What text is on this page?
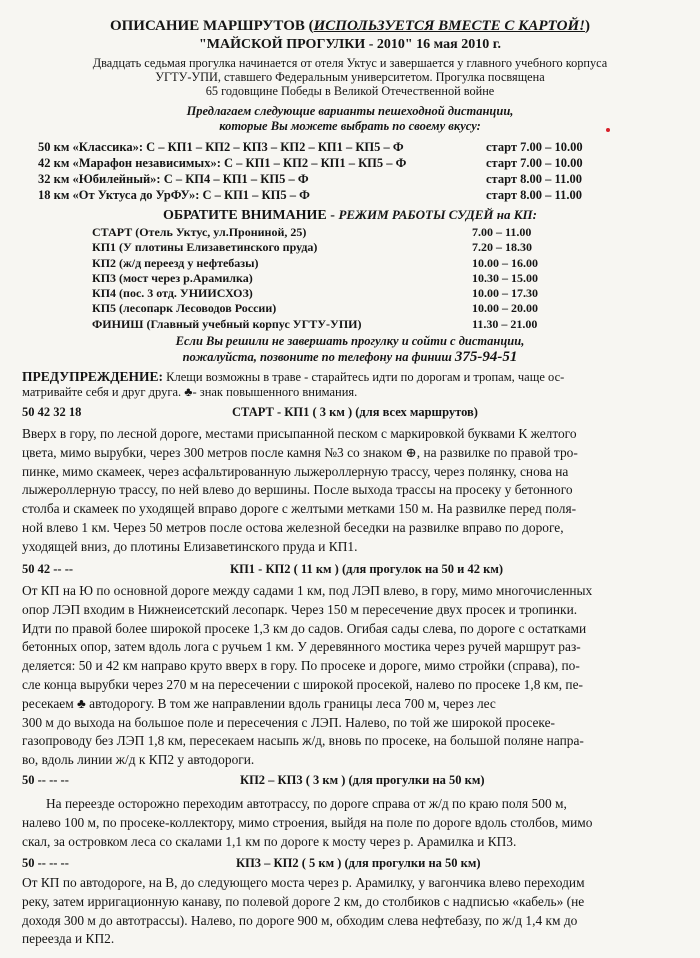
ОПИСАНИЕ МАРШРУТОВ (ИСПОЛЬЗУЕТСЯ ВМЕСТЕ С КАРТОЙ!)
"МАЙСКОЙ ПРОГУЛКИ - 2010" 16 мая 2010 г.
Двадцать седьмая прогулка начинается от отеля Уктус и завершается у главного учебного корпуса
УГТУ-УПИ, ставшего Федеральным университетом. Прогулка посвящена
65 годовщине Победы в Великой Отечественной войне
Предлагаем следующие варианты пешеходной дистанции,
которые Вы можете выбрать по своему вкусу:
50 км «Классика»: С – КП1 – КП2 – КП3 – КП2 – КП1 – КП5 – Ф	старт 7.00 – 10.00
42 км «Марафон независимых»: С – КП1 – КП2 – КП1 – КП5 – Ф	старт 7.00 – 10.00
32 км «Юбилейный»: С – КП4 – КП1 – КП5 – Ф	старт 8.00 – 11.00
18 км «От Уктуса до УрФУ»: С – КП1 – КП5 – Ф	старт 8.00 – 11.00
ОБРАТИТЕ ВНИМАНИЕ - РЕЖИМ РАБОТЫ СУДЕЙ на КП:
СТАРТ (Отель Уктус, ул.Прониной, 25)	7.00 – 11.00
КП1 (У плотины Елизаветинского пруда)	7.20 – 18.30
КП2 (ж/д переезд у нефтебазы)	10.00 – 16.00
КП3 (мост через р.Арамилка)	10.30 – 15.00
КП4 (пос. 3 отд. УНИИСХОЗ)	10.00 – 17.30
КП5 (лесопарк Лесоводов России)	10.00 – 20.00
ФИНИШ (Главный учебный корпус УГТУ-УПИ)	11.30 – 21.00
Если Вы решили не завершать прогулку и сойти с дистанции,
пожалуйста, позвоните по телефону на финиш 375-94-51
ПРЕДУПРЕЖДЕНИЕ: Клещи возможны в траве - старайтесь идти по дорогам и тропам, чаще ос-
матривайте себя и друг друга. ♣- знак повышенного внимания.
50 42 32 18	СТАРТ - КП1 ( 3 км ) (для всех маршрутов)
Вверх в гору, по лесной дороге, местами присыпанной песком с маркировкой буквами К желтого
цвета, мимо вырубки, через 300 метров после камня №3 со знаком ⊕, на развилке по правой тро-
пинке, мимо скамеек, через асфальтированную лыжероллерную трассу, через полянку, снова на
лыжероллерную трассу, по ней влево до вершины. После выхода трассы на просеку у бетонного
столба и скамеек по уходящей вправо дороге с желтыми метками 150 м. На развилке перед поля-
ной влево 1 км. Через 50 метров после остова железной беседки на развилке вправо по дороге,
уходящей вниз, до плотины Елизаветинского пруда и КП1.
50 42 -- --	КП1 - КП2 ( 11 км ) (для прогулок на 50 и 42 км)
От КП на Ю по основной дороге между садами 1 км, под ЛЭП влево, в гору, мимо многочисленных
опор ЛЭП входим в Нижнеисетский лесопарк. Через 150 м пересечение двух просек и тропинки.
Идти по правой более широкой просеке 1,3 км до садов. Огибая сады слева, по дороге с остатками
бетонных опор, затем вдоль лога с ручьем 1 км. У деревянного мостика через ручей маршрут раз-
деляется: 50 и 42 км направо круто вверх в гору. По просеке и дороге, мимо стройки (справа), по-
сле конца вырубки через 270 м на пересечении с широкой просекой, налево по просеке 1,8 км, пе-
ресекаем ♣ автодорогу. В том же направлении вдоль границы леса 700 м, через лес
300 м до выхода на большое поле и пересечения с ЛЭП. Налево, по той же широкой просеке-
газопроводу без ЛЭП 1,8 км, пересекаем насыпь ж/д, вновь по просеке, на большой поляне напра-
во, вдоль линии ж/д к КП2 у автодороги.
50 -- -- --	КП2 – КП3 ( 3 км ) (для прогулки на 50 км)
На переезде осторожно переходим автотрассу, по дороге справа от ж/д по краю поля 500 м,
налево 100 м, по просеке-коллектору, мимо строения, выйдя на поле по дороге вдоль столбов, мимо
скал, за островком леса со скалами 1,1 км по дороге к мосту через р. Арамилка и КП3.
50 -- -- --	КП3 – КП2 ( 5 км ) (для прогулки на 50 км)
От КП по автодороге, на В, до следующего моста через р. Арамилку, у вагончика влево переходим
реку, затем ирригационную канаву, по полевой дороге 2 км, до столбиков с надписью «кабель» (не
доходя 300 м до автотрассы). Налево, по дороге 900 м, обходим слева нефтебазу, по ж/д 1,4 км до
переезда и КП2.
